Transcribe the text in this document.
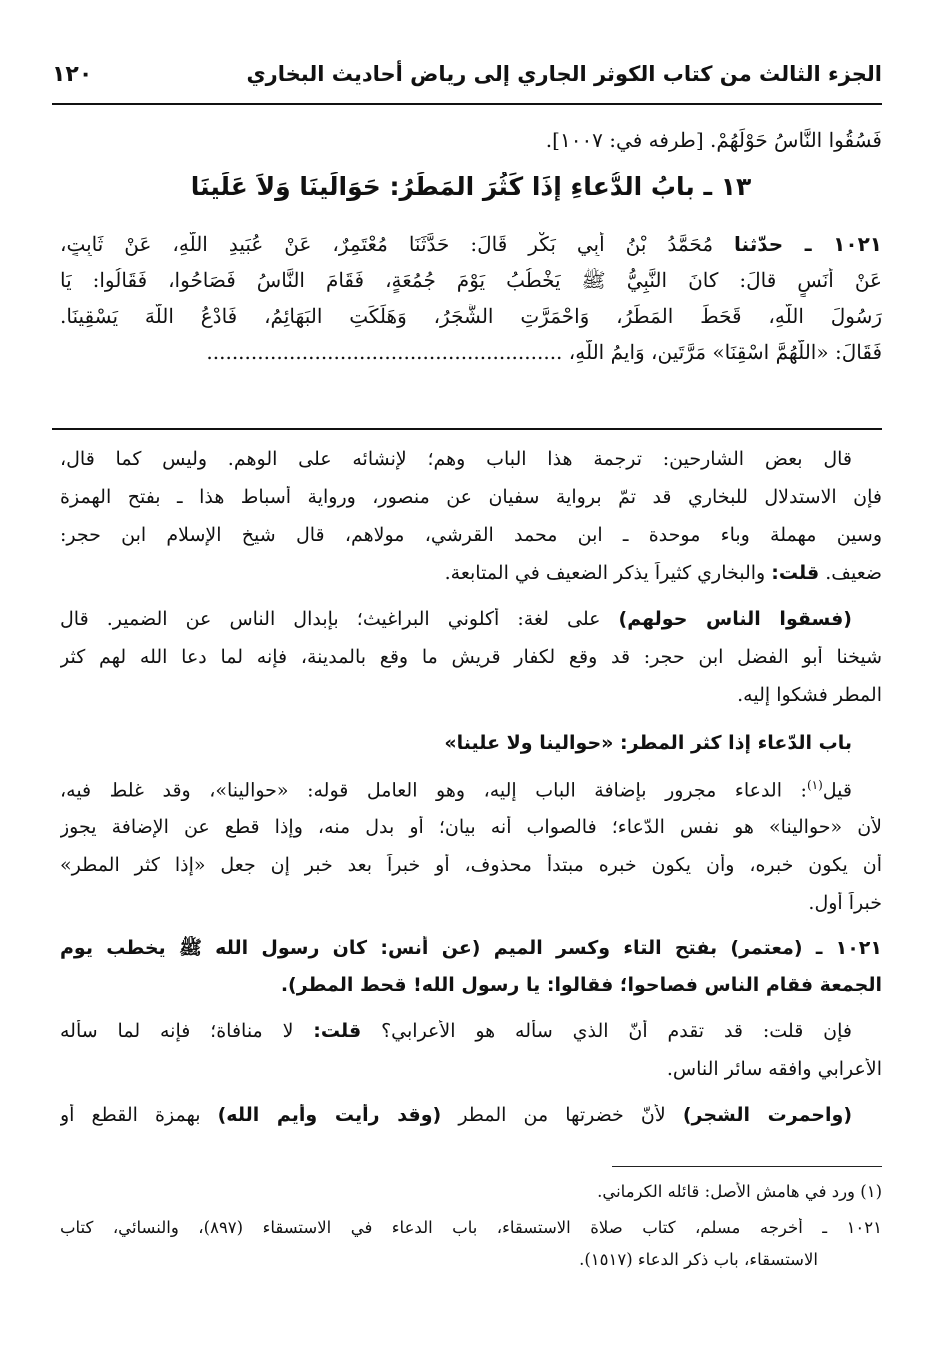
الجزء الثالث من كتاب الكوثر الجاري إلى رياض أحاديث البخاري
١٢٠
فَسُقُوا النَّاسُ حَوْلَهُمْ. [طرفه في: ١٠٠٧].
١٣ ـ بابُ الدُّعاءِ إذَا كَثُرَ المَطَرُ: حَوَالَينَا وَلاَ عَلَينَا
١٠٢١ ـ حدّثنا مُحَمَّدُ بْنُ أَبِي بَكْرٍ قَالَ: حَدَّثَنَا مُعْتَمِرٌ، عَنْ عُبَيدِ اللَّهِ، عَنْ ثَابِتٍ،
عَنْ أَنَسٍ قالَ: كانَ النَّبِيُّ ﷺ يَخْطُبُ يَوْمَ جُمُعَةٍ، فَقَامَ النَّاسُ فَصَاحُوا، فَقَالُوا: يَا
رَسُولَ اللَّهِ، قَحَطَ المَطَرُ، وَاحْمَرَّتِ الشَّجَرُ، وَهَلَكَتِ البَهَائِمُ، فَادْعُ اللَّهَ يَسْقِينَا.
فَقَالَ: «اللَّهُمَّ اسْقِنَا» مَرَّتَينِ، وَايمُ اللَّهِ، ........................................................
قال بعض الشارحين: ترجمة هذا الباب وهم؛ لإنشائه على الوهم. وليس كما قال،
فإن الاستدلال للبخاري قد تمّ برواية سفيان عن منصور، ورواية أسباط هذا ـ بفتح الهمزة
وسين مهملة وباء موحدة ـ ابن محمد القرشي، مولاهم، قال شيخ الإسلام ابن حجر:
ضعيف. قلت: والبخاري كثيراً يذكر الضعيف في المتابعة.
(فسقوا الناس حولهم) على لغة: أكلوني البراغيث؛ بإبدال الناس عن الضمير. قال
شيخنا أبو الفضل ابن حجر: قد وقع لكفار قريش ما وقع بالمدينة، فإنه لما دعا الله لهم كثر
المطر فشكوا إليه.
باب الدّعاء إذا كثر المطر: «حوالينا ولا علينا»
قيل$^{(١)}$: الدعاء مجرور بإضافة الباب إليه، وهو العامل قوله: «حوالينا»، وقد غلط فيه،
لأن «حوالينا» هو نفس الدّعاء؛ فالصواب أنه بيان؛ أو بدل منه، وإذا قطع عن الإضافة يجوز
أن يكون خبره، وأن يكون خبره مبتدأ محذوف، أو خبراً بعد خبر إن جعل «إذا كثر المطر»
خبراً أول.
١٠٢١ ـ (معتمر) بفتح التاء وكسر الميم (عن أنس: كان رسول الله ﷺ يخطب يوم
الجمعة فقام الناس فصاحوا؛ فقالوا: يا رسول الله! قحط المطر).
فإن قلت: قد تقدم أنّ الذي سأله هو الأعرابي؟ قلت: لا منافاة؛ فإنه لما سأله
الأعرابي وافقه سائر الناس.
(واحمرت الشجر) لأنّ خضرتها من المطر (وقد رأيت وأيم الله) بهمزة القطع أو
(١) ورد في هامش الأصل: قائله الكرماني.
١٠٢١ ـ أخرجه مسلم، كتاب صلاة الاستسقاء، باب الدعاء في الاستسقاء (٨٩٧)، والنسائي، كتاب
الاستسقاء، باب ذكر الدعاء (١٥١٧).
